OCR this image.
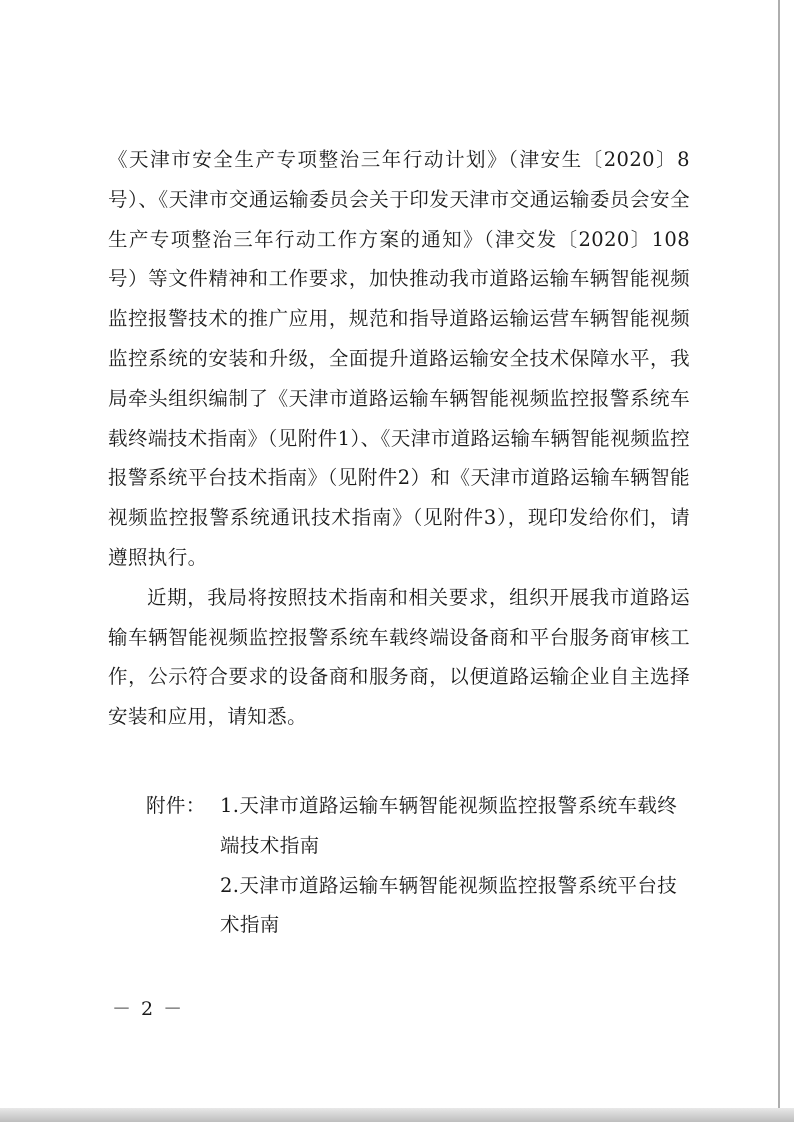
《天津市安全生产专项整治三年行动计划》（津安生〔2020〕8号）、《天津市交通运输委员会关于印发天津市交通运输委员会安全生产专项整治三年行动工作方案的通知》（津交发〔2020〕108号）等文件精神和工作要求，加快推动我市道路运输车辆智能视频监控报警技术的推广应用，规范和指导道路运输运营车辆智能视频监控系统的安装和升级，全面提升道路运输安全技术保障水平，我局牵头组织编制了《天津市道路运输车辆智能视频监控报警系统车载终端技术指南》（见附件1）、《天津市道路运输车辆智能视频监控报警系统平台技术指南》（见附件2）和《天津市道路运输车辆智能视频监控报警系统通讯技术指南》（见附件3），现印发给你们，请遵照执行。

近期，我局将按照技术指南和相关要求，组织开展我市道路运输车辆智能视频监控报警系统车载终端设备商和平台服务商审核工作，公示符合要求的设备商和服务商，以便道路运输企业自主选择安装和应用，请知悉。

附件： 1.天津市道路运输车辆智能视频监控报警系统车载终端技术指南
2.天津市道路运输车辆智能视频监控报警系统平台技术指南
－ 2 －
